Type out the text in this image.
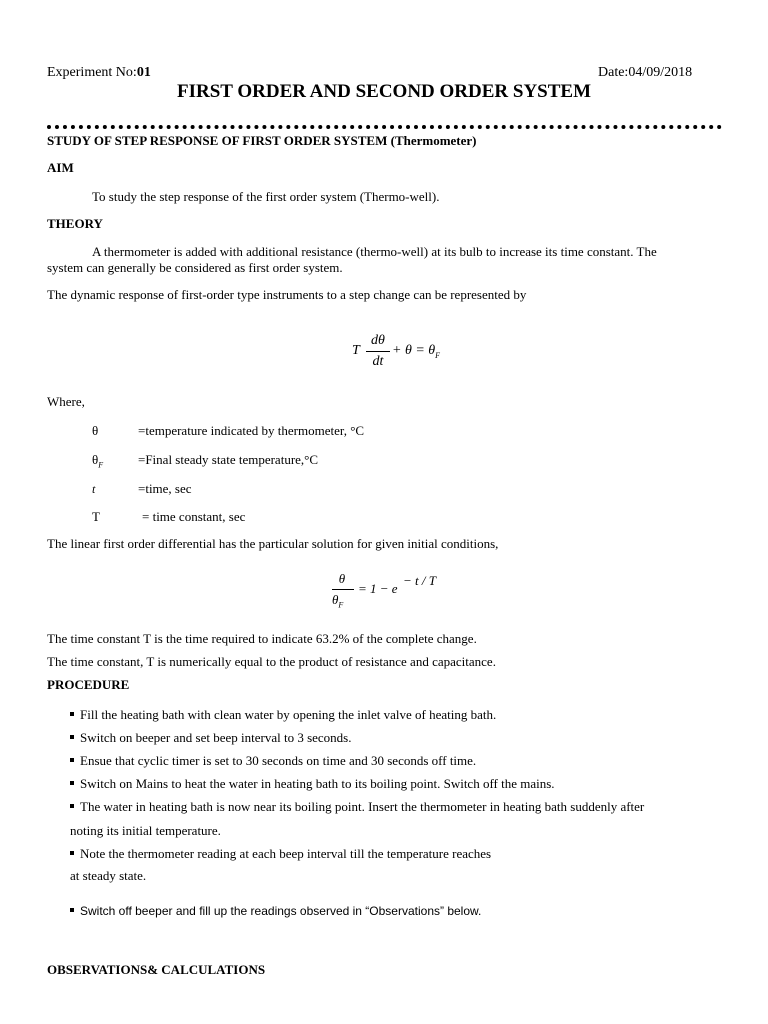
Experiment No:01	Date:04/09/2018
FIRST ORDER AND SECOND ORDER SYSTEM
STUDY OF STEP RESPONSE OF FIRST ORDER SYSTEM (Thermometer)
AIM
To study the step response of the first order system (Thermo-well).
THEORY
A thermometer is added with additional resistance (thermo-well) at its bulb to increase its time constant. The
system can generally be considered as first order system.
The dynamic response of first-order type instruments to a step change can be represented by
T
dθ
dt
+ $\theta = \theta_F$
Where,
θ	=temperature indicated by thermometer, °C
$\theta_F$	=Final steady state temperature,°C
t	=time, sec
T	= time constant, sec
The linear first order differential has the particular solution for given initial conditions,
θ
$\theta_F$
= 1 − e
− t / T
The time constant T is the time required to indicate 63.2% of the complete change.
The time constant, T is numerically equal to the product of resistance and capacitance.
PROCEDURE
Fill the heating bath with clean water by opening the inlet valve of heating bath.
Switch on beeper and set beep interval to 3 seconds.
Ensue that cyclic timer is set to 30 seconds on time and 30 seconds off time.
Switch on Mains to heat the water in heating bath to its boiling point. Switch off the mains.
The water in heating bath is now near its boiling point. Insert the thermometer in heating bath suddenly after
noting its initial temperature.
Note the thermometer reading at each beep interval till the temperature reaches
at steady state.
Switch off beeper and fill up the readings observed in “Observations” below.
OBSERVATIONS& CALCULATIONS
